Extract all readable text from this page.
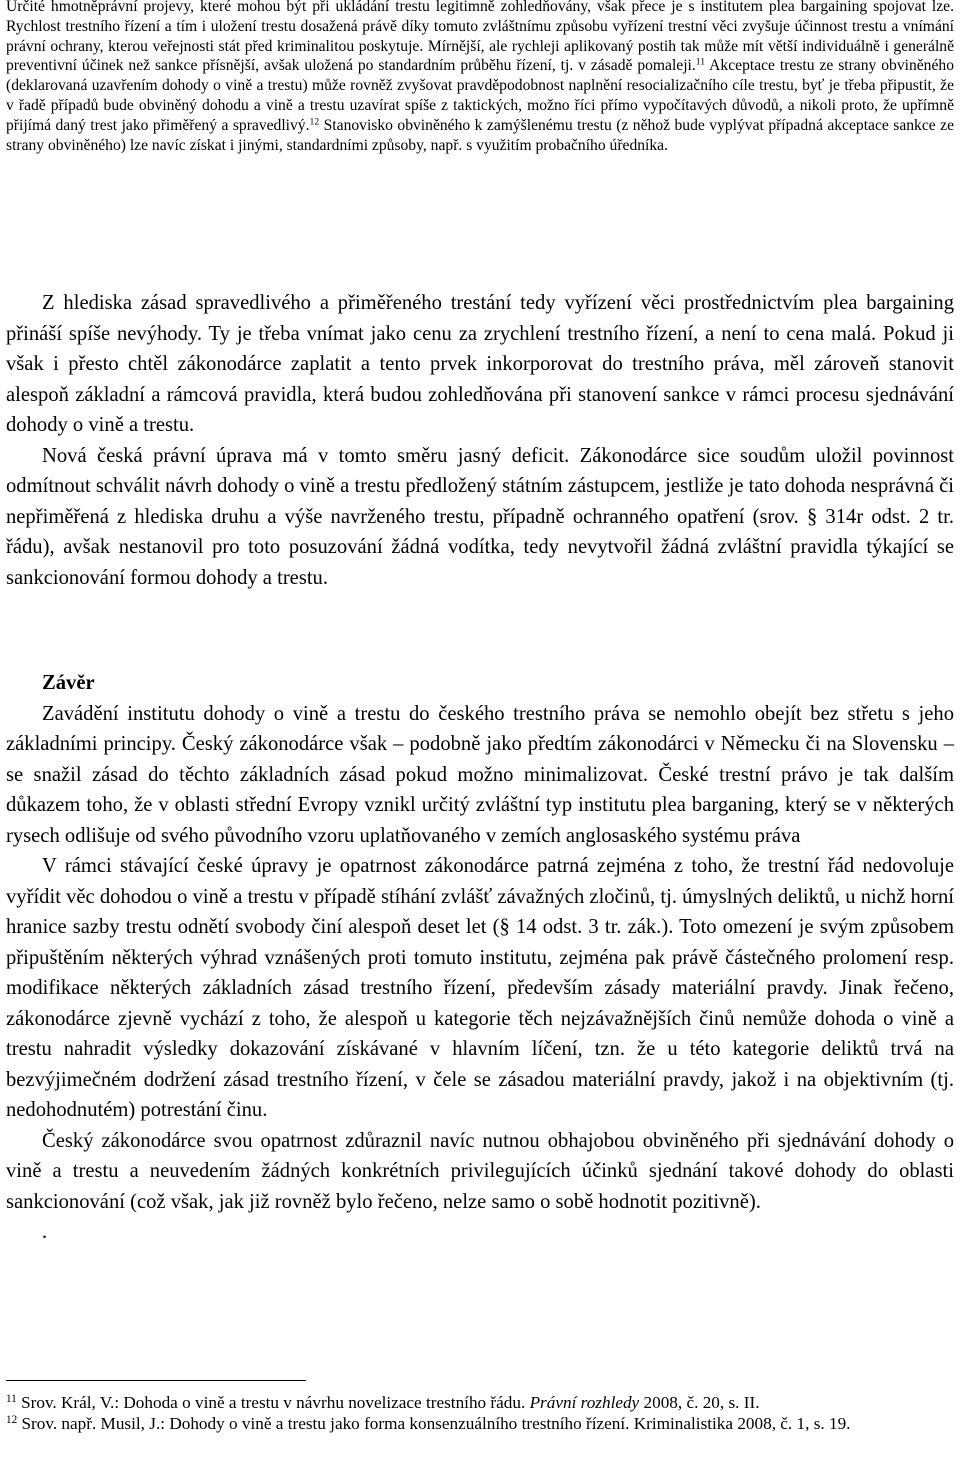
Určité hmotněprávní projevy, které mohou být při ukládání trestu legitimně zohledňovány, však přece je s institutem plea bargaining spojovat lze. Rychlost trestního řízení a tím i uložení trestu dosažená právě díky tomuto zvláštnímu způsobu vyřízení trestní věci zvyšuje účinnost trestu a vnímání právní ochrany, kterou veřejnosti stát před kriminalitou poskytuje. Mírnější, ale rychleji aplikovaný postih tak může mít větší individuálně i generálně preventivní účinek než sankce přísnější, avšak uložená po standardním průběhu řízení, tj. v zásadě pomaleji.$^{11}$ Akceptace trestu ze strany obviněného (deklarovaná uzavřením dohody o vině a trestu) může rovněž zvyšovat pravděpodobnost naplnění resocializačního cíle trestu, byť je třeba připustit, že v řadě případů bude obviněný dohodu a vině a trestu uzavírat spíše z taktických, možno říci přímo vypočítavých důvodů, a nikoli proto, že upřímně přijímá daný trest jako přiměřený a spravedlivý.$^{12}$ Stanovisko obviněného k zamýšlenému trestu (z něhož bude vyplývat případná akceptace sankce ze strany obviněného) lze navíc získat i jinými, standardními způsoby, např. s využitím probačního úředníka.

Z hlediska zásad spravedlivého a přiměřeného trestání tedy vyřízení věci prostřednictvím plea bargaining přináší spíše nevýhody. Ty je třeba vnímat jako cenu za zrychlení trestního řízení, a není to cena malá. Pokud ji však i přesto chtěl zákonodárce zaplatit a tento prvek inkorporovat do trestního práva, měl zároveň stanovit alespoň základní a rámcová pravidla, která budou zohledňována při stanovení sankce v rámci procesu sjednávání dohody o vině a trestu.

Nová česká právní úprava má v tomto směru jasný deficit. Zákonodárce sice soudům uložil povinnost odmítnout schválit návrh dohody o vině a trestu předložený státním zástupcem, jestliže je tato dohoda nesprávná či nepřiměřená z hlediska druhu a výše navrženého trestu, případně ochranného opatření (srov. § 314r odst. 2 tr. řádu), avšak nestanovil pro toto posuzování žádná vodítka, tedy nevytvořil žádná zvláštní pravidla týkající se sankcionování formou dohody a trestu.

Závěr

Zavádění institutu dohody o vině a trestu do českého trestního práva se nemohlo obejít bez střetu s jeho základními principy. Český zákonodárce však – podobně jako předtím zákonodárci v Německu či na Slovensku – se snažil zásad do těchto základních zásad pokud možno minimalizovat. České trestní právo je tak dalším důkazem toho, že v oblasti střední Evropy vznikl určitý zvláštní typ institutu plea barganing, který se v některých rysech odlišuje od svého původního vzoru uplatňovaného v zemích anglosaského systému práva

V rámci stávající české úpravy je opatrnost zákonodárce patrná zejména z toho, že trestní řád nedovoluje vyřídit věc dohodou o vině a trestu v případě stíhání zvlášť závažných zločinů, tj. úmyslných deliktů, u nichž horní hranice sazby trestu odnětí svobody činí alespoň deset let (§ 14 odst. 3 tr. zák.). Toto omezení je svým způsobem připuštěním některých výhrad vznášených proti tomuto institutu, zejména pak právě částečného prolomení resp. modifikace některých základních zásad trestního řízení, především zásady materiální pravdy. Jinak řečeno, zákonodárce zjevně vychází z toho, že alespoň u kategorie těch nejzávažnějších činů nemůže dohoda o vině a trestu nahradit výsledky dokazování získávané v hlavním líčení, tzn. že u této kategorie deliktů trvá na bezvýjimečném dodržení zásad trestního řízení, v čele se zásadou materiální pravdy, jakož i na objektivním (tj. nedohodnutém) potrestání činu.

Český zákonodárce svou opatrnost zdůraznil navíc nutnou obhajobou obviněného při sjednávání dohody o vině a trestu a neuvedením žádných konkrétních privilegujících účinků sjednání takové dohody do oblasti sankcionování (což však, jak již rovněž bylo řečeno, nelze samo o sobě hodnotit pozitivně).

.

$^{11}$ Srov. Král, V.: Dohoda o vině a trestu v návrhu novelizace trestního řádu. Právní rozhledy 2008, č. 20, s. II.

$^{12}$ Srov. např. Musil, J.: Dohody o vině a trestu jako forma konsenzuálního trestního řízení. Kriminalistika 2008, č. 1, s. 19.
